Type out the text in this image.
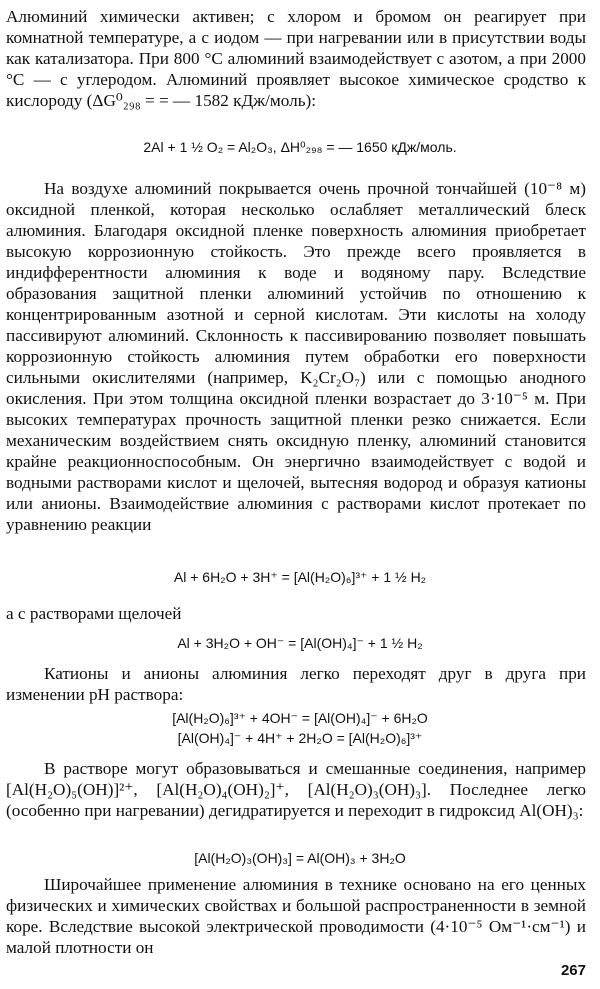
Алюминий химически активен; с хлором и бромом он реагирует при комнатной температуре, а с иодом — при нагревании или в присутствии воды как катализатора. При 800 °С алюминий взаимодействует с азотом, а при 2000 °С — с углеродом. Алюминий проявляет высокое химическое сродство к кислороду (ΔG⁰₂₉₈ = = — 1582 кДж/моль):

2Al + 1 ½ O₂ = Al₂O₃, ΔH⁰₂₉₈ = — 1650 кДж/моль.

На воздухе алюминий покрывается очень прочной тончайшей (10⁻⁸ м) оксидной пленкой, которая несколько ослабляет металлический блеск алюминия. Благодаря оксидной пленке поверхность алюминия приобретает высокую коррозионную стойкость. Это прежде всего проявляется в индифферентности алюминия к воде и водяному пару. Вследствие образования защитной пленки алюминий устойчив по отношению к концентрированным азотной и серной кислотам. Эти кислоты на холоду пассивируют алюминий. Склонность к пассивированию позволяет повышать коррозионную стойкость алюминия путем обработки его поверхности сильными окислителями (например, K₂Cr₂O₇) или с помощью анодного окисления. При этом толщина оксидной пленки возрастает до 3·10⁻⁵ м. При высоких температурах прочность защитной пленки резко снижается. Если механическим воздействием снять оксидную пленку, алюминий становится крайне реакционноспособным. Он энергично взаимодействует с водой и водными растворами кислот и щелочей, вытесняя водород и образуя катионы или анионы. Взаимодействие алюминия с растворами кислот протекает по уравнению реакции

Al + 6H₂O + 3H⁺ = [Al(H₂O)₆]³⁺ + 1 ½ H₂

а с растворами щелочей

Al + 3H₂O + OH⁻ = [Al(OH)₄]⁻ + 1 ½ H₂

Катионы и анионы алюминия легко переходят друг в друга при изменении pH раствора:

[Al(H₂O)₆]³⁺ + 4OH⁻ = [Al(OH)₄]⁻ + 6H₂O

[Al(OH)₄]⁻ + 4H⁺ + 2H₂O = [Al(H₂O)₆]³⁺

В растворе могут образовываться и смешанные соединения, например [Al(H₂O)₅(OH)]²⁺, [Al(H₂O)₄(OH)₂]⁺, [Al(H₂O)₃(OH)₃]. Последнее легко (особенно при нагревании) дегидратируется и переходит в гидроксид Al(OH)₃:

[Al(H₂O)₃(OH)₃] = Al(OH)₃ + 3H₂O

Широчайшее применение алюминия в технике основано на его ценных физических и химических свойствах и большой распространенности в земной коре. Вследствие высокой электрической проводимости (4·10⁻⁵ Ом⁻¹·см⁻¹) и малой плотности он

267
